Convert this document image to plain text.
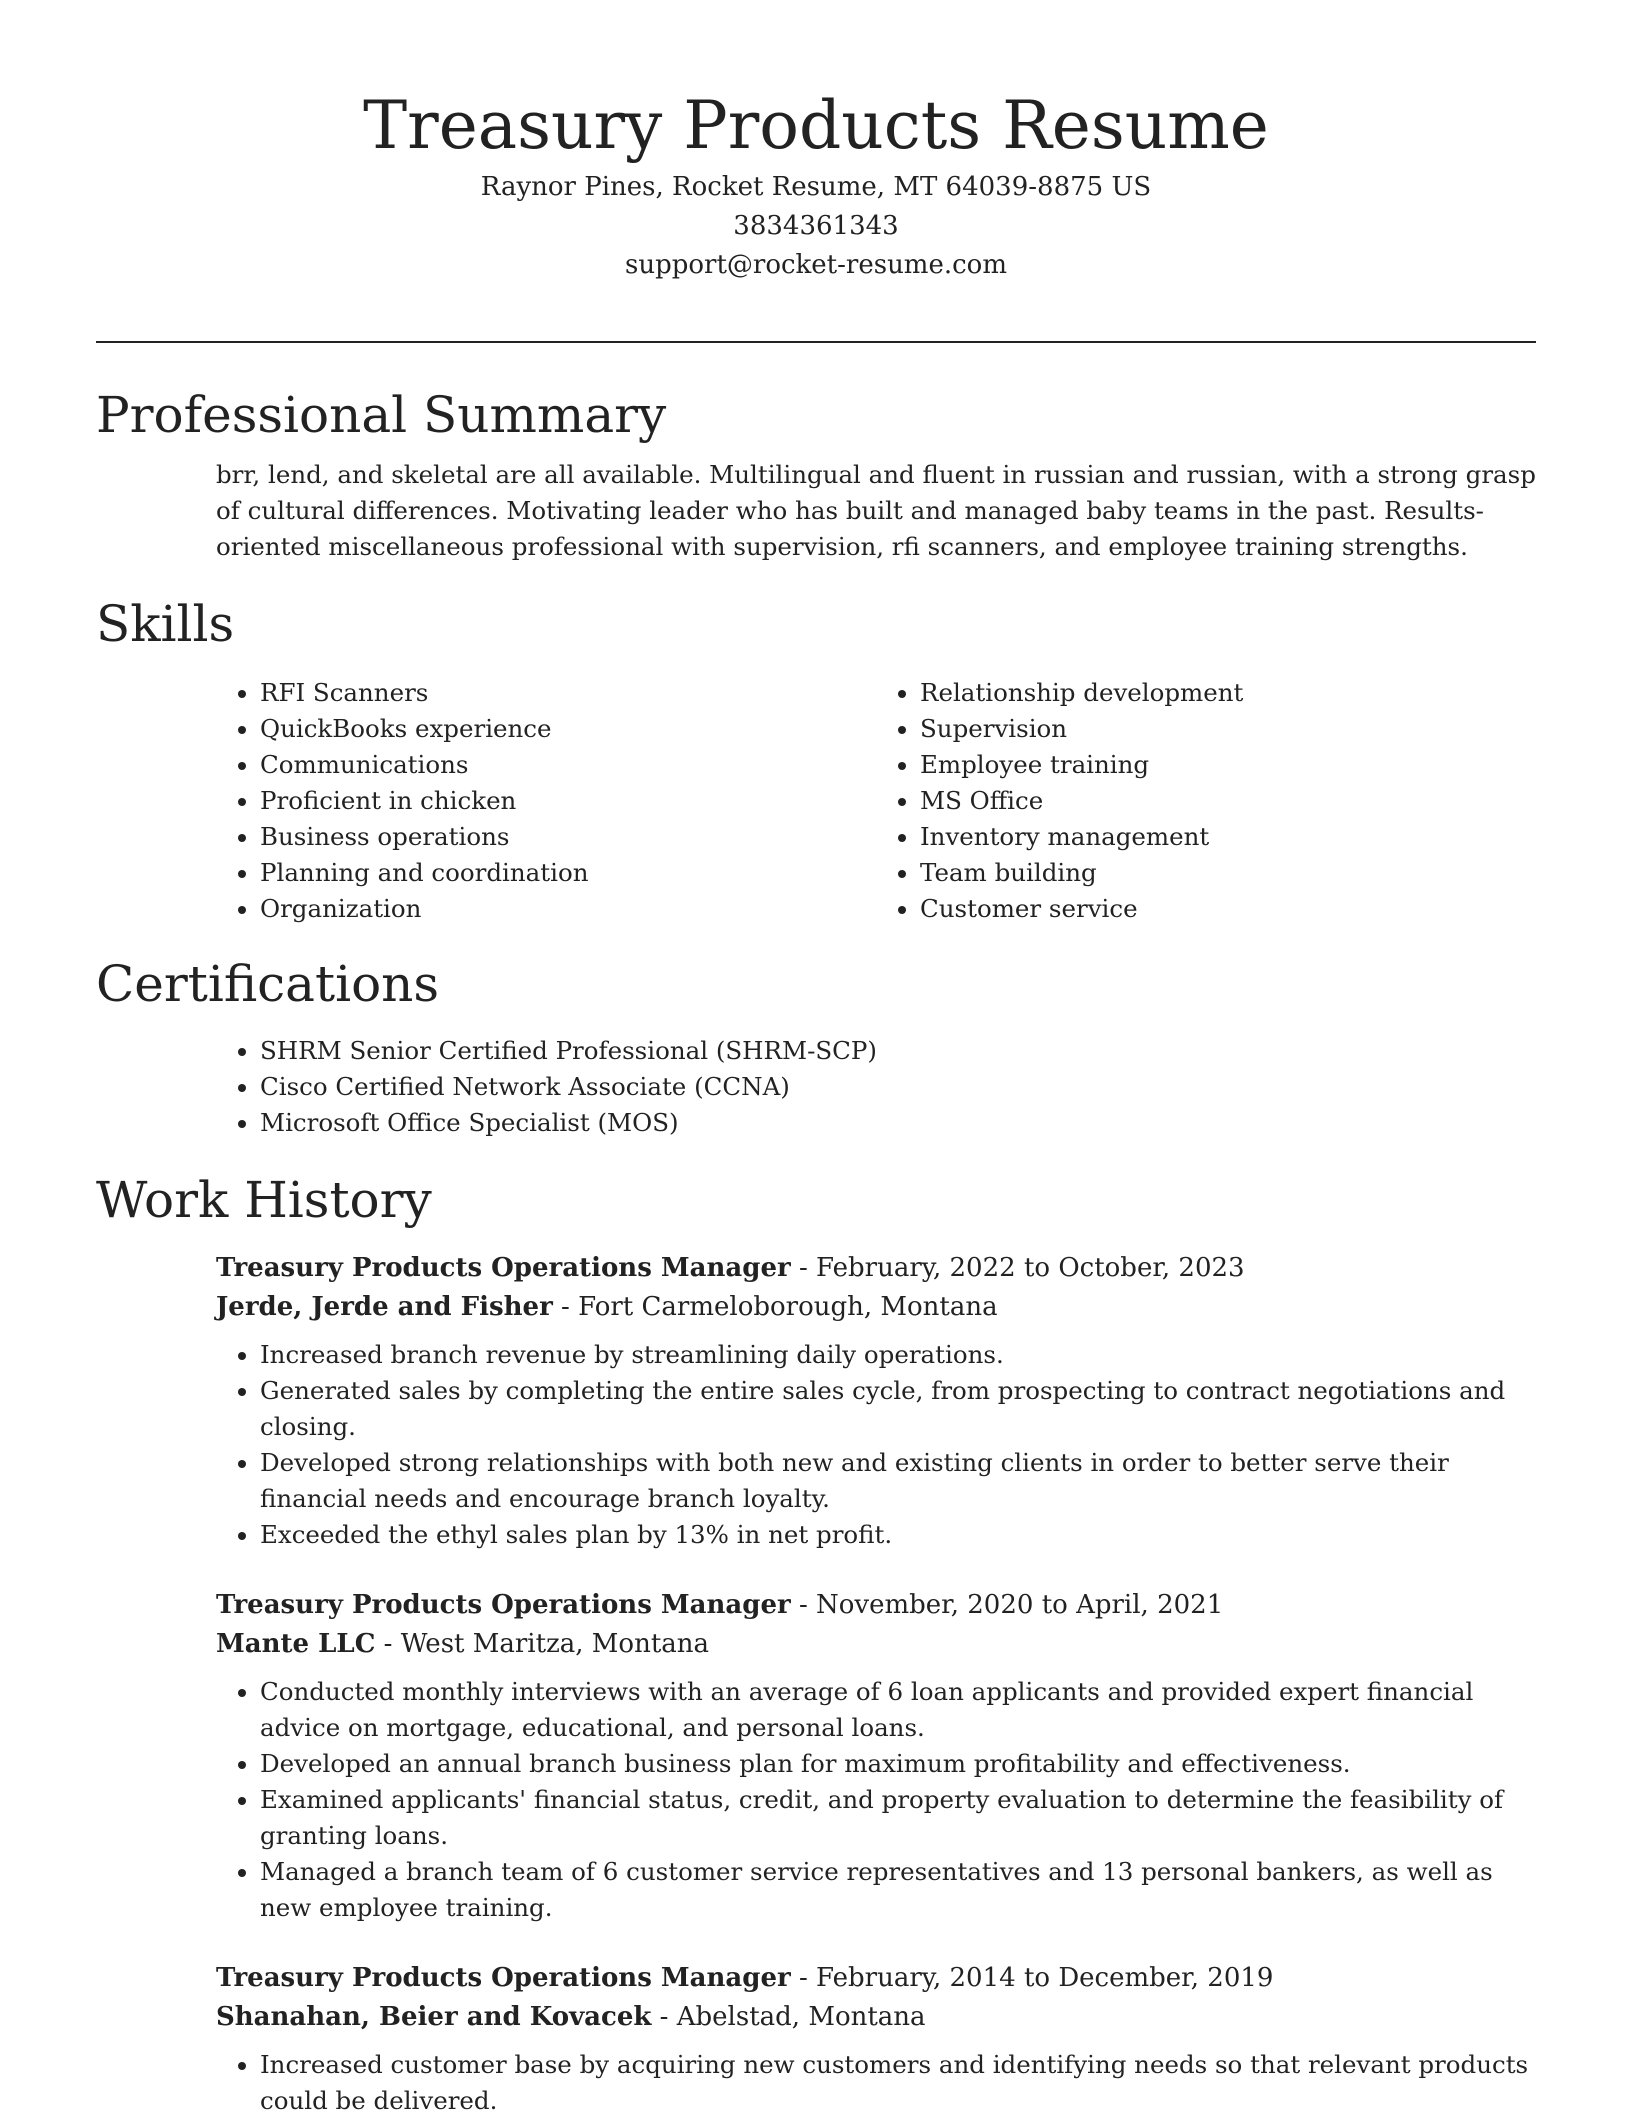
Treasury Products Resume
Raynor Pines, Rocket Resume, MT 64039-8875 US
3834361343
support@rocket-resume.com
Professional Summary

brr, lend, and skeletal are all available. Multilingual and fluent in russian and russian, with a strong grasp of cultural differences. Motivating leader who has built and managed baby teams in the past. Results-oriented miscellaneous professional with supervision, rfi scanners, and employee training strengths.

Skills
• RFI Scanners
• QuickBooks experience
• Communications
• Proficient in chicken
• Business operations
• Planning and coordination
• Organization
• Relationship development
• Supervision
• Employee training
• MS Office
• Inventory management
• Team building
• Customer service
Certifications
• SHRM Senior Certified Professional (SHRM-SCP)
• Cisco Certified Network Associate (CCNA)
• Microsoft Office Specialist (MOS)
Work History
Treasury Products Operations Manager - February, 2022 to October, 2023
Jerde, Jerde and Fisher - Fort Carmeloborough, Montana
• Increased branch revenue by streamlining daily operations.
• Generated sales by completing the entire sales cycle, from prospecting to contract negotiations and closing.
• Developed strong relationships with both new and existing clients in order to better serve their financial needs and encourage branch loyalty.
• Exceeded the ethyl sales plan by 13% in net profit.
Treasury Products Operations Manager - November, 2020 to April, 2021
Mante LLC - West Maritza, Montana
• Conducted monthly interviews with an average of 6 loan applicants and provided expert financial advice on mortgage, educational, and personal loans.
• Developed an annual branch business plan for maximum profitability and effectiveness.
• Examined applicants' financial status, credit, and property evaluation to determine the feasibility of granting loans.
• Managed a branch team of 6 customer service representatives and 13 personal bankers, as well as new employee training.
Treasury Products Operations Manager - February, 2014 to December, 2019
Shanahan, Beier and Kovacek - Abelstad, Montana
• Increased customer base by acquiring new customers and identifying needs so that relevant products could be delivered.
